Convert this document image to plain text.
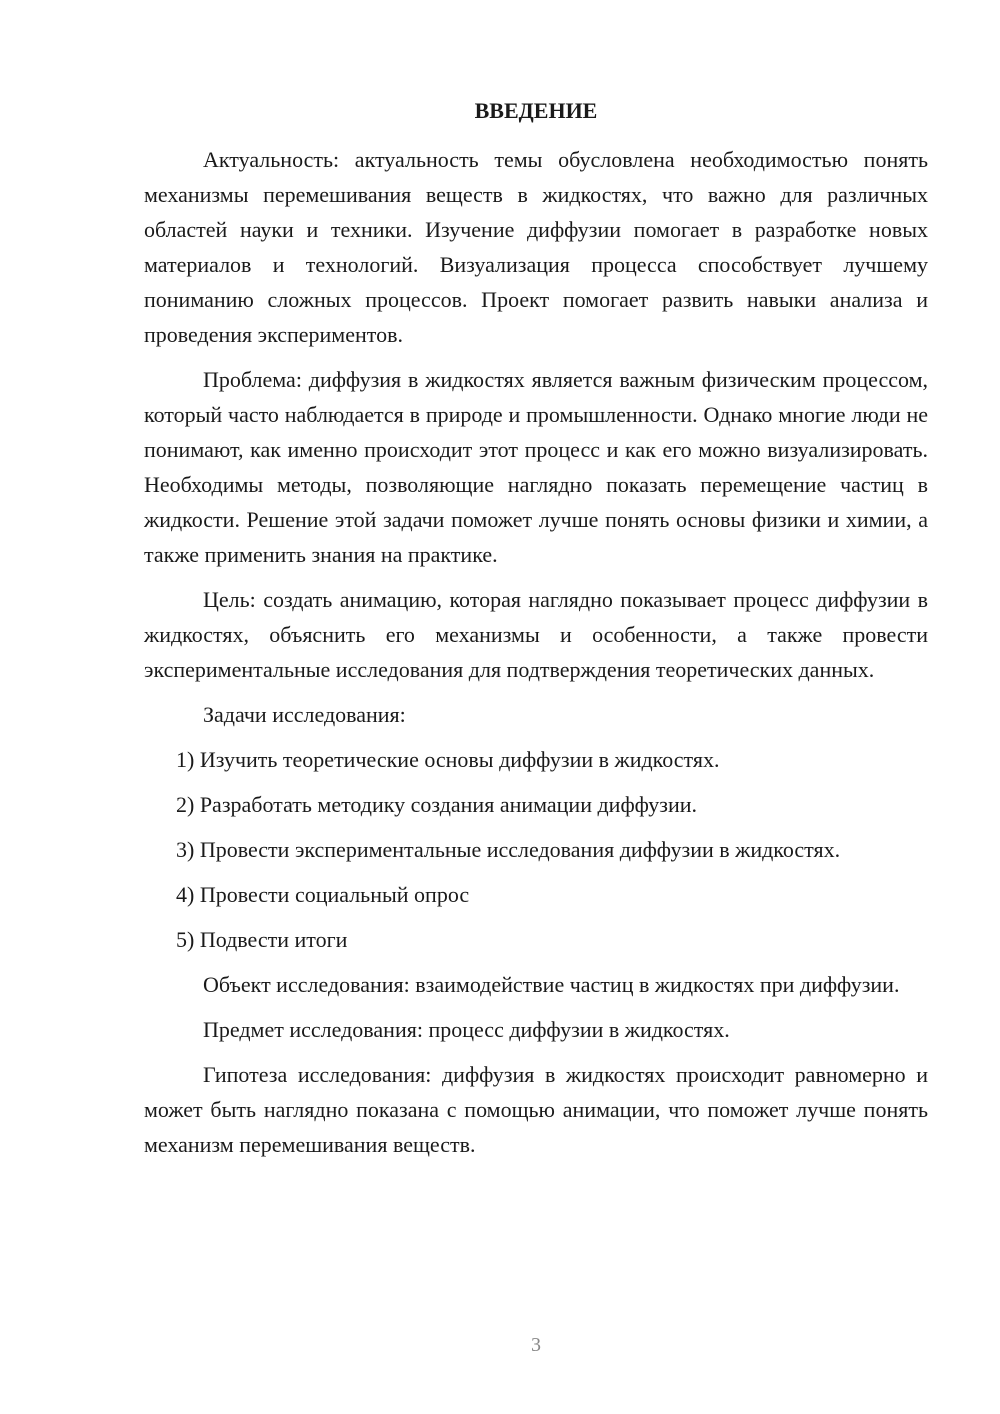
ВВЕДЕНИЕ

Актуальность: актуальность темы обусловлена необходимостью понять механизмы перемешивания веществ в жидкостях, что важно для различных областей науки и техники. Изучение диффузии помогает в разработке новых материалов и технологий. Визуализация процесса способствует лучшему пониманию сложных процессов. Проект помогает развить навыки анализа и проведения экспериментов.

Проблема: диффузия в жидкостях является важным физическим процессом, который часто наблюдается в природе и промышленности. Однако многие люди не понимают, как именно происходит этот процесс и как его можно визуализировать. Необходимы методы, позволяющие наглядно показать перемещение частиц в жидкости. Решение этой задачи поможет лучше понять основы физики и химии, а также применить знания на практике.

Цель: создать анимацию, которая наглядно показывает процесс диффузии в жидкостях, объяснить его механизмы и особенности, а также провести экспериментальные исследования для подтверждения теоретических данных.

Задачи исследования:

1) Изучить теоретические основы диффузии в жидкостях.

2) Разработать методику создания анимации диффузии.

3) Провести экспериментальные исследования диффузии в жидкостях.

4) Провести социальный опрос

5) Подвести итоги

Объект исследования: взаимодействие частиц в жидкостях при диффузии.

Предмет исследования: процесс диффузии в жидкостях.

Гипотеза исследования: диффузия в жидкостях происходит равномерно и может быть наглядно показана с помощью анимации, что поможет лучше понять механизм перемешивания веществ.

3
